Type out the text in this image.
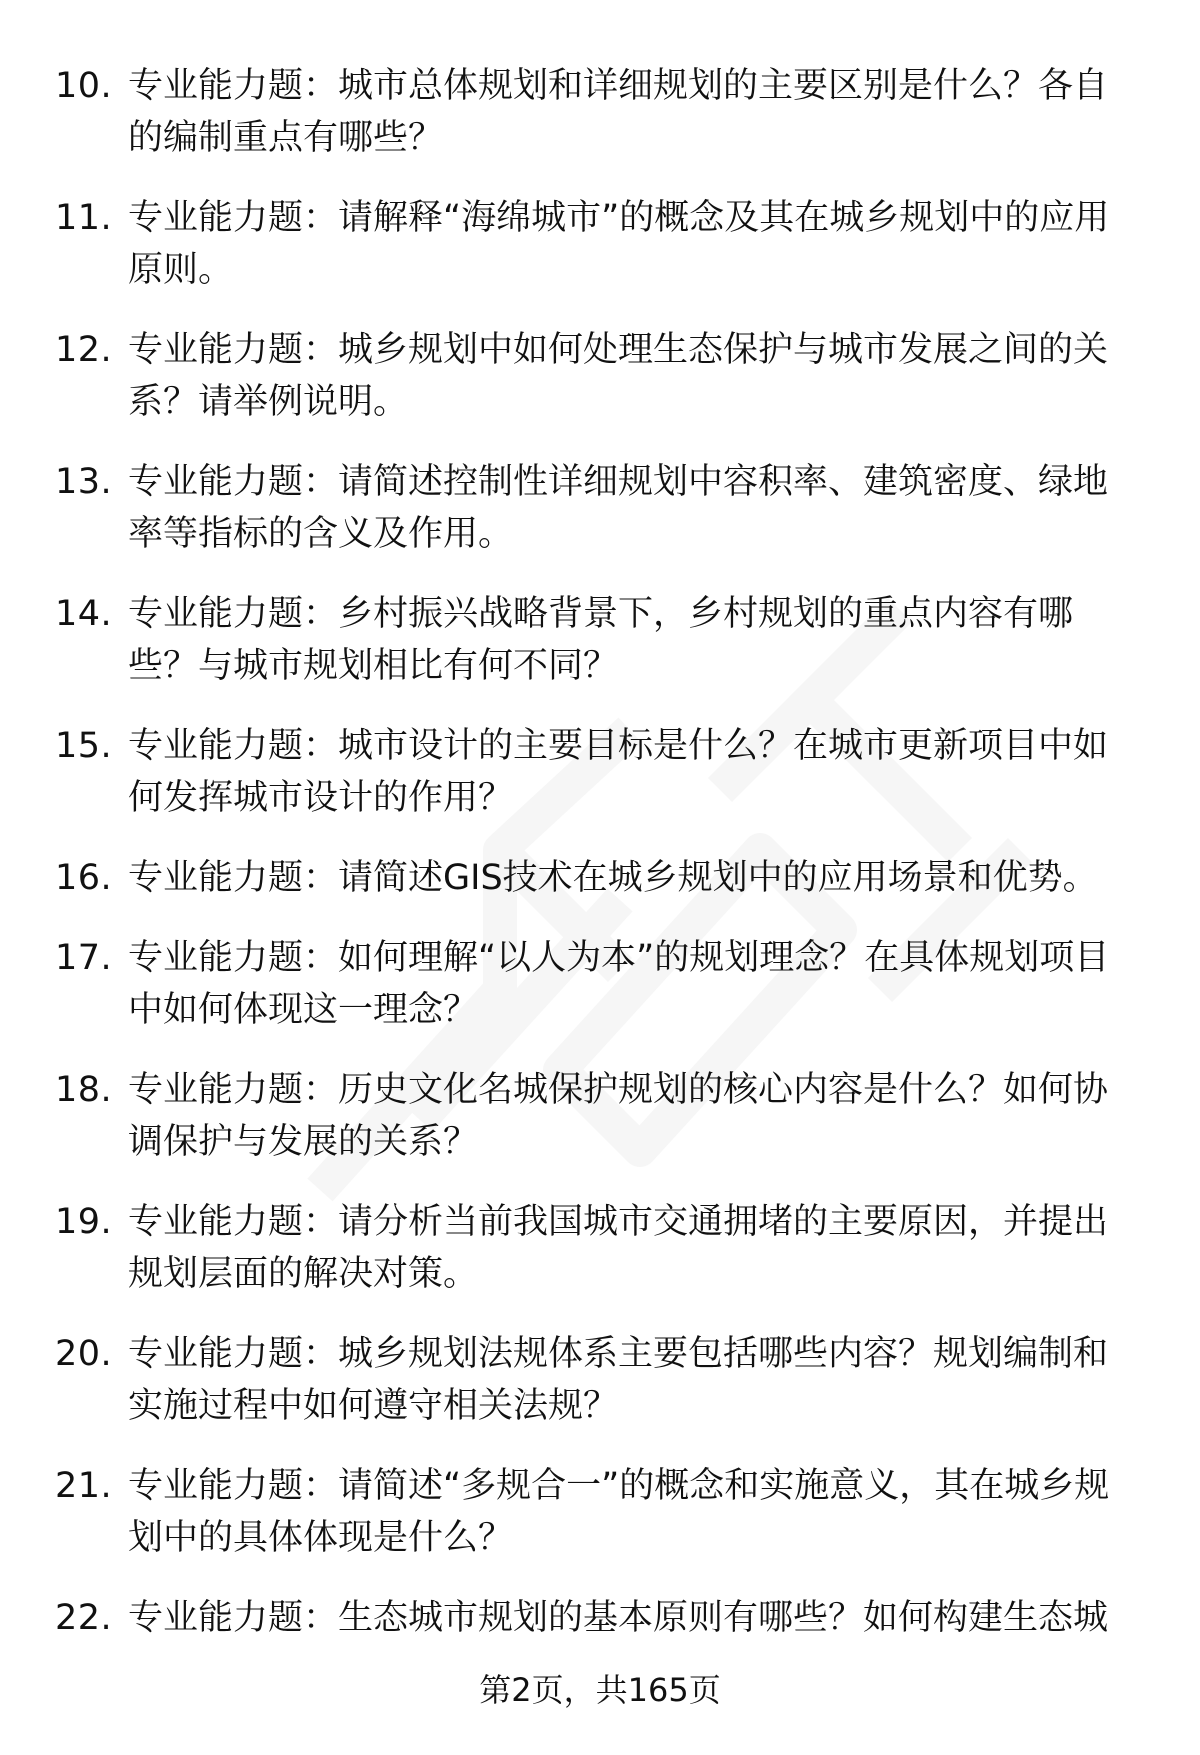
10. 专业能力题：城市总体规划和详细规划的主要区别是什么？各自的编制重点有哪些？

11. 专业能力题：请解释“海绵城市”的概念及其在城乡规划中的应用原则。

12. 专业能力题：城乡规划中如何处理生态保护与城市发展之间的关系？请举例说明。

13. 专业能力题：请简述控制性详细规划中容积率、建筑密度、绿地率等指标的含义及作用。

14. 专业能力题：乡村振兴战略背景下，乡村规划的重点内容有哪些？与城市规划相比有何不同？

15. 专业能力题：城市设计的主要目标是什么？在城市更新项目中如何发挥城市设计的作用？

16. 专业能力题：请简述GIS技术在城乡规划中的应用场景和优势。

17. 专业能力题：如何理解“以人为本”的规划理念？在具体规划项目中如何体现这一理念？

18. 专业能力题：历史文化名城保护规划的核心内容是什么？如何协调保护与发展的关系？

19. 专业能力题：请分析当前我国城市交通拥堵的主要原因，并提出规划层面的解决对策。

20. 专业能力题：城乡规划法规体系主要包括哪些内容？规划编制和实施过程中如何遵守相关法规？

21. 专业能力题：请简述“多规合一”的概念和实施意义，其在城乡规划中的具体体现是什么？

22. 专业能力题：生态城市规划的基本原则有哪些？如何构建生态城

第2页，共165页
